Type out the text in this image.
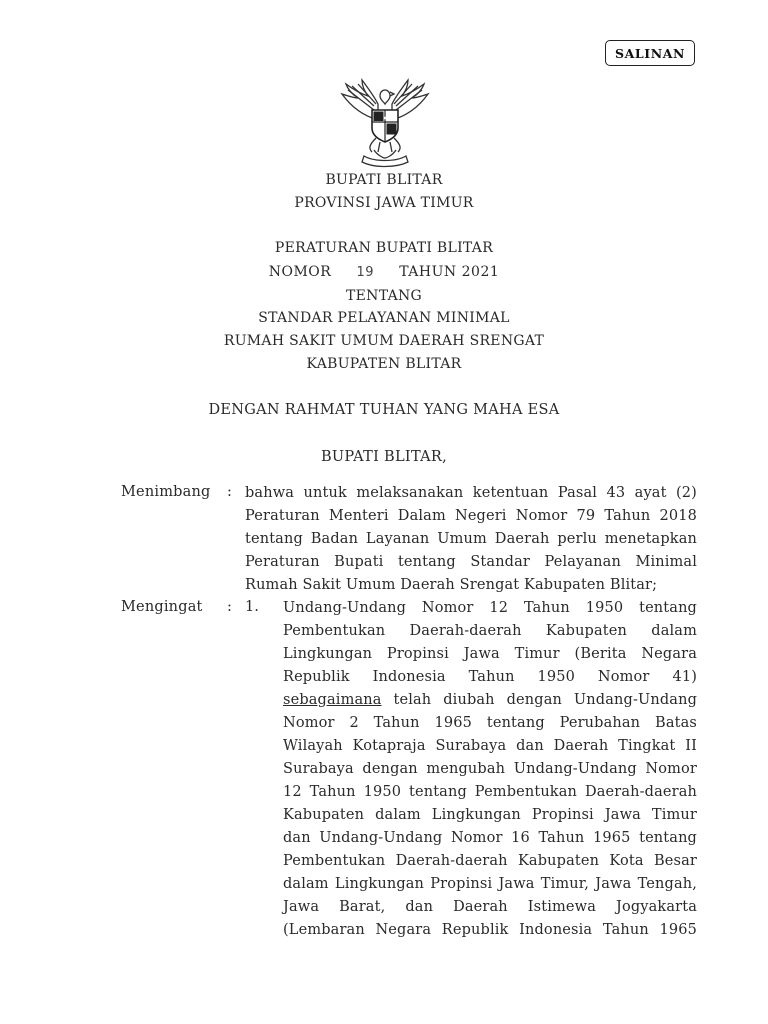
SALINAN
BUPATI BLITAR
PROVINSI JAWA TIMUR
PERATURAN BUPATI BLITAR
NOMOR 19 TAHUN 2021
TENTANG
STANDAR PELAYANAN MINIMAL
RUMAH SAKIT UMUM DAERAH SRENGAT
KABUPATEN BLITAR
DENGAN RAHMAT TUHAN YANG MAHA ESA
BUPATI BLITAR,
Menimbang : bahwa untuk melaksanakan ketentuan Pasal 43 ayat (2)
Peraturan Menteri Dalam Negeri Nomor 79 Tahun 2018
tentang Badan Layanan Umum Daerah perlu menetapkan
Peraturan Bupati tentang Standar Pelayanan Minimal
Rumah Sakit Umum Daerah Srengat Kabupaten Blitar;
Mengingat : 1. Undang-Undang Nomor 12 Tahun 1950 tentang
Pembentukan Daerah-daerah Kabupaten dalam
Lingkungan Propinsi Jawa Timur (Berita Negara
Republik Indonesia Tahun 1950 Nomor 41)
sebagaimana telah diubah dengan Undang-Undang
Nomor 2 Tahun 1965 tentang Perubahan Batas
Wilayah Kotapraja Surabaya dan Daerah Tingkat II
Surabaya dengan mengubah Undang-Undang Nomor
12 Tahun 1950 tentang Pembentukan Daerah-daerah
Kabupaten dalam Lingkungan Propinsi Jawa Timur
dan Undang-Undang Nomor 16 Tahun 1965 tentang
Pembentukan Daerah-daerah Kabupaten Kota Besar
dalam Lingkungan Propinsi Jawa Timur, Jawa Tengah,
Jawa Barat, dan Daerah Istimewa Jogyakarta
(Lembaran Negara Republik Indonesia Tahun 1965
